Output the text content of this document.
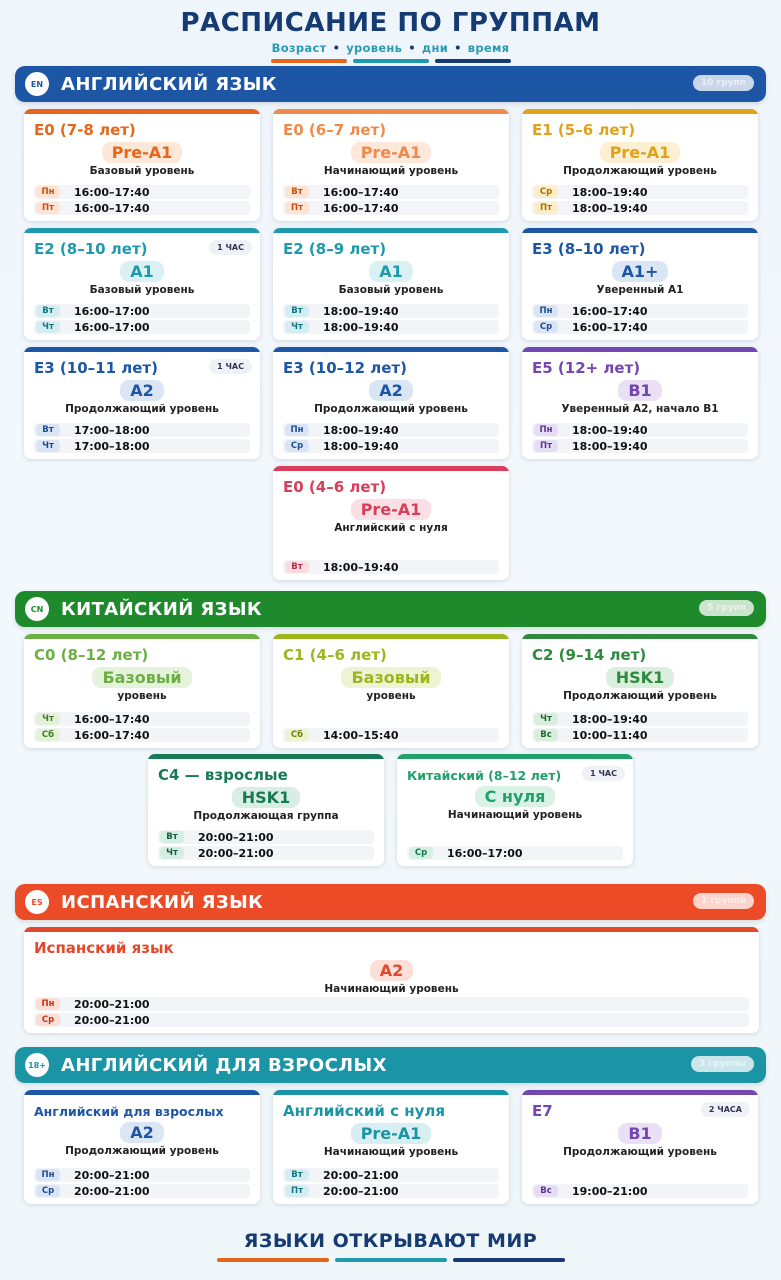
РАСПИСАНИЕ ПО ГРУППАМ
Возраст • уровень • дни • время
EN АНГЛИЙСКИЙ ЯЗЫК	10 групп
E0 (7-8 лет)
Pre-A1
Базовый уровень
Пн	16:00–17:40
Пт	16:00–17:40
E0 (6–7 лет)
Pre-A1
Начинающий уровень
Вт	16:00–17:40
Пт	16:00–17:40
E1 (5–6 лет)
Pre-A1
Продолжающий уровень
Ср	18:00–19:40
Пт	18:00–19:40
E2 (8–10 лет)	1 ЧАС
A1
Базовый уровень
Вт	16:00–17:00
Чт	16:00–17:00
E2 (8–9 лет)
A1
Базовый уровень
Вт	18:00–19:40
Чт	18:00–19:40
E3 (8–10 лет)
A1+
Уверенный A1
Пн	16:00–17:40
Ср	16:00–17:40
E3 (10–11 лет)	1 ЧАС
A2
Продолжающий уровень
Вт	17:00–18:00
Чт	17:00–18:00
E3 (10–12 лет)
A2
Продолжающий уровень
Пн	18:00–19:40
Ср	18:00–19:40
E5 (12+ лет)
B1
Уверенный A2, начало B1
Пн	18:00–19:40
Пт	18:00–19:40
E0 (4–6 лет)
Pre-A1
Английский с нуля
Вт	18:00–19:40
CN КИТАЙСКИЙ ЯЗЫК	5 групп
C0 (8–12 лет)
Базовый
уровень
Чт	16:00–17:40
Сб	16:00–17:40
C1 (4–6 лет)
Базовый
уровень
Сб	14:00–15:40
C2 (9–14 лет)
HSK1
Продолжающий уровень
Чт	18:00–19:40
Вс	10:00–11:40
C4 — взрослые
HSK1
Продолжающая группа
Вт	20:00–21:00
Чт	20:00–21:00
Китайский (8–12 лет)	1 ЧАС
С нуля
Начинающий уровень
Ср	16:00–17:00
ES	ИСПАНСКИЙ ЯЗЫК	1 группа
Испанский язык
A2
Начинающий уровень
Пн	20:00–21:00
Ср	20:00–21:00
18+ АНГЛИЙСКИЙ ДЛЯ ВЗРОСЛЫХ	3 группы
Английский для взрослых
A2
Продолжающий уровень
Пн	20:00–21:00
Ср	20:00–21:00
Английский с нуля
Pre-A1
Начинающий уровень
Вт	20:00–21:00
Пт	20:00–21:00
E7	2 ЧАСА
B1
Продолжающий уровень
Вс	19:00–21:00
ЯЗЫКИ ОТКРЫВАЮТ МИР
